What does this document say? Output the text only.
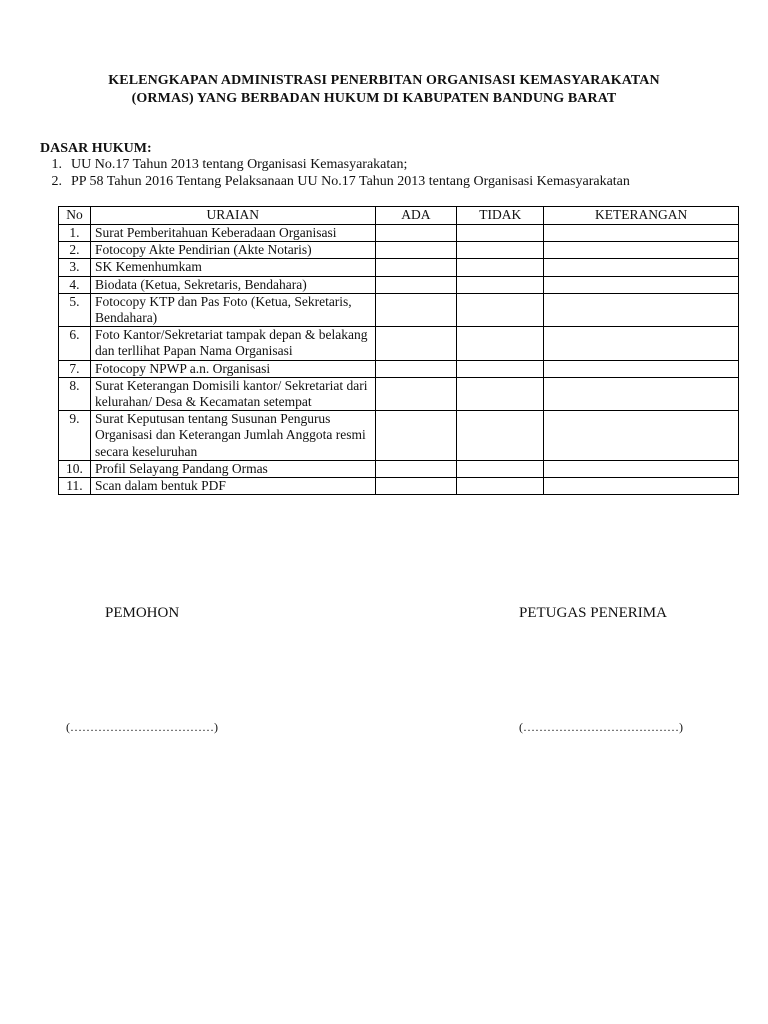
KELENGKAPAN ADMINISTRASI PENERBITAN ORGANISASI KEMASYARAKATAN
(ORMAS) YANG BERBADAN HUKUM DI KABUPATEN BANDUNG BARAT
DASAR HUKUM:
1. UU No.17 Tahun 2013 tentang Organisasi Kemasyarakatan;
2. PP 58 Tahun 2016 Tentang Pelaksanaan UU No.17 Tahun 2013 tentang Organisasi Kemasyarakatan
No	URAIAN	ADA	TIDAK	KETERANGAN
1.	Surat Pemberitahuan Keberadaan Organisasi			
2.	Fotocopy Akte Pendirian (Akte Notaris)			
3.	SK Kemenhumkam			
4.	Biodata (Ketua, Sekretaris, Bendahara)			
5.	Fotocopy KTP dan Pas Foto (Ketua, Sekretaris, Bendahara)			
6.	Foto Kantor/Sekretariat tampak depan & belakang dan terllihat Papan Nama Organisasi			
7.	Fotocopy NPWP a.n. Organisasi			
8.	Surat Keterangan Domisili kantor/ Sekretariat dari kelurahan/ Desa & Kecamatan setempat			
9.	Surat Keputusan tentang Susunan Pengurus Organisasi dan Keterangan Jumlah Anggota resmi secara keseluruhan			
10.	Profil Selayang Pandang Ormas			
11.	Scan dalam bentuk PDF			
PEMOHON	PETUGAS PENERIMA
(………………………………)	(…………………………………)
